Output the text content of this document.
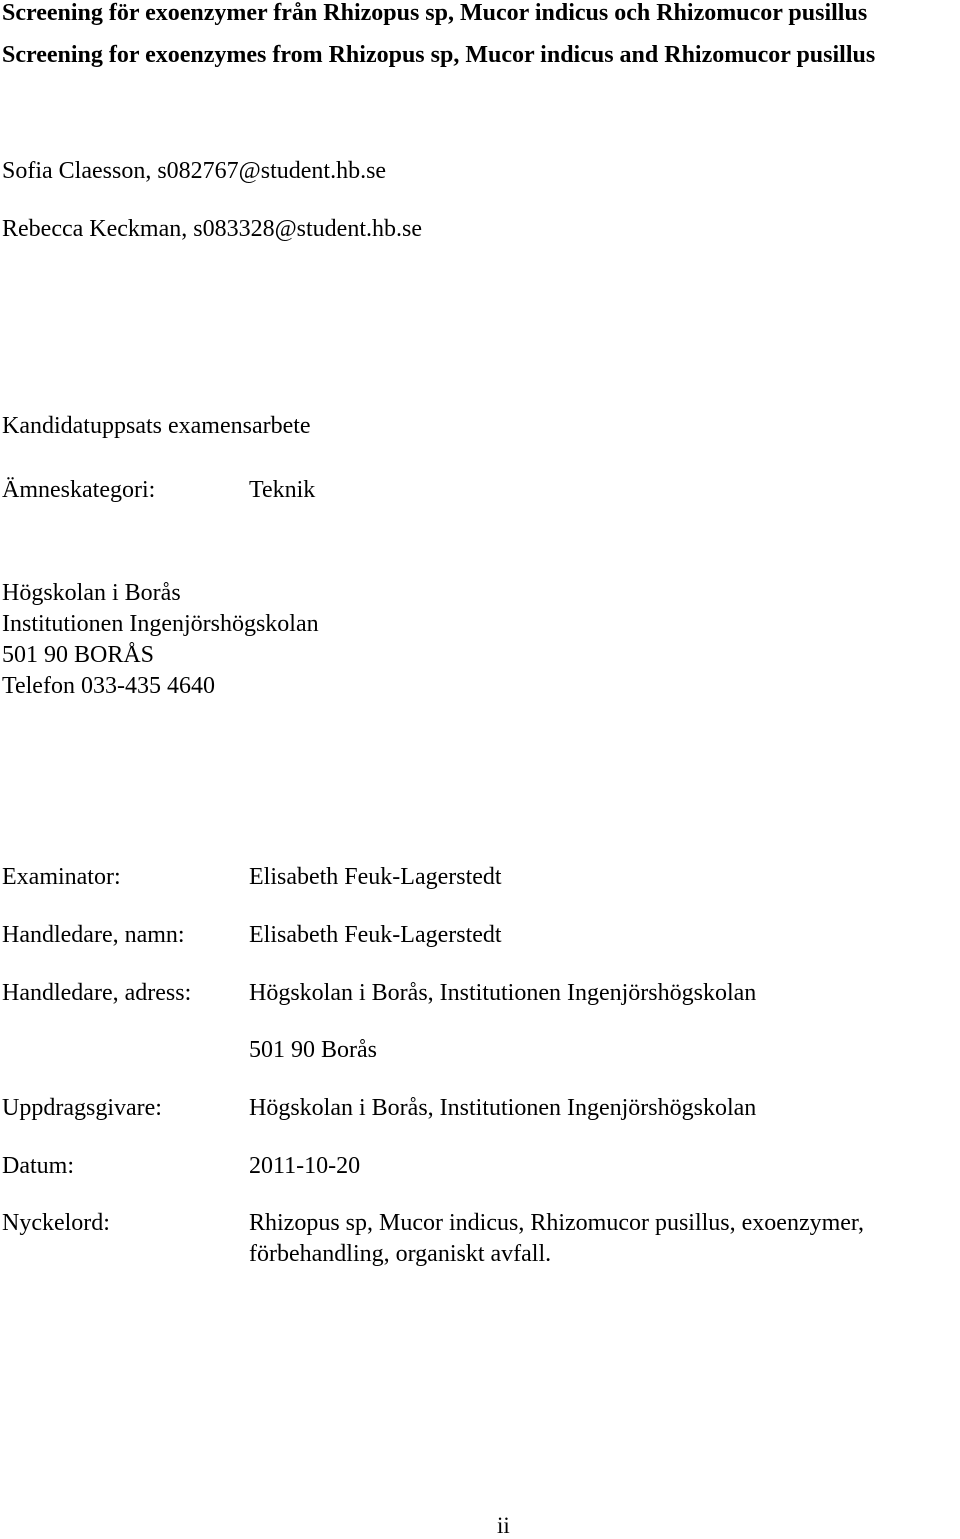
Screening för exoenzymer från Rhizopus sp, Mucor indicus och Rhizomucor pusillus
Screening for exoenzymes from Rhizopus sp, Mucor indicus and Rhizomucor pusillus
Sofia Claesson, s082767@student.hb.se
Rebecca Keckman, s083328@student.hb.se
Kandidatuppsats examensarbete
Ämneskategori:	Teknik
Högskolan i Borås
Institutionen Ingenjörshögskolan
501 90 BORÅS
Telefon 033-435 4640
Examinator:	Elisabeth Feuk-Lagerstedt
Handledare, namn:	Elisabeth Feuk-Lagerstedt
Handledare, adress: Högskolan i Borås, Institutionen Ingenjörshögskolan
501 90 Borås
Uppdragsgivare:	Högskolan i Borås, Institutionen Ingenjörshögskolan
Datum:	2011-10-20
Nyckelord:	Rhizopus sp, Mucor indicus, Rhizomucor pusillus, exoenzymer,
förbehandling, organiskt avfall.
ii
